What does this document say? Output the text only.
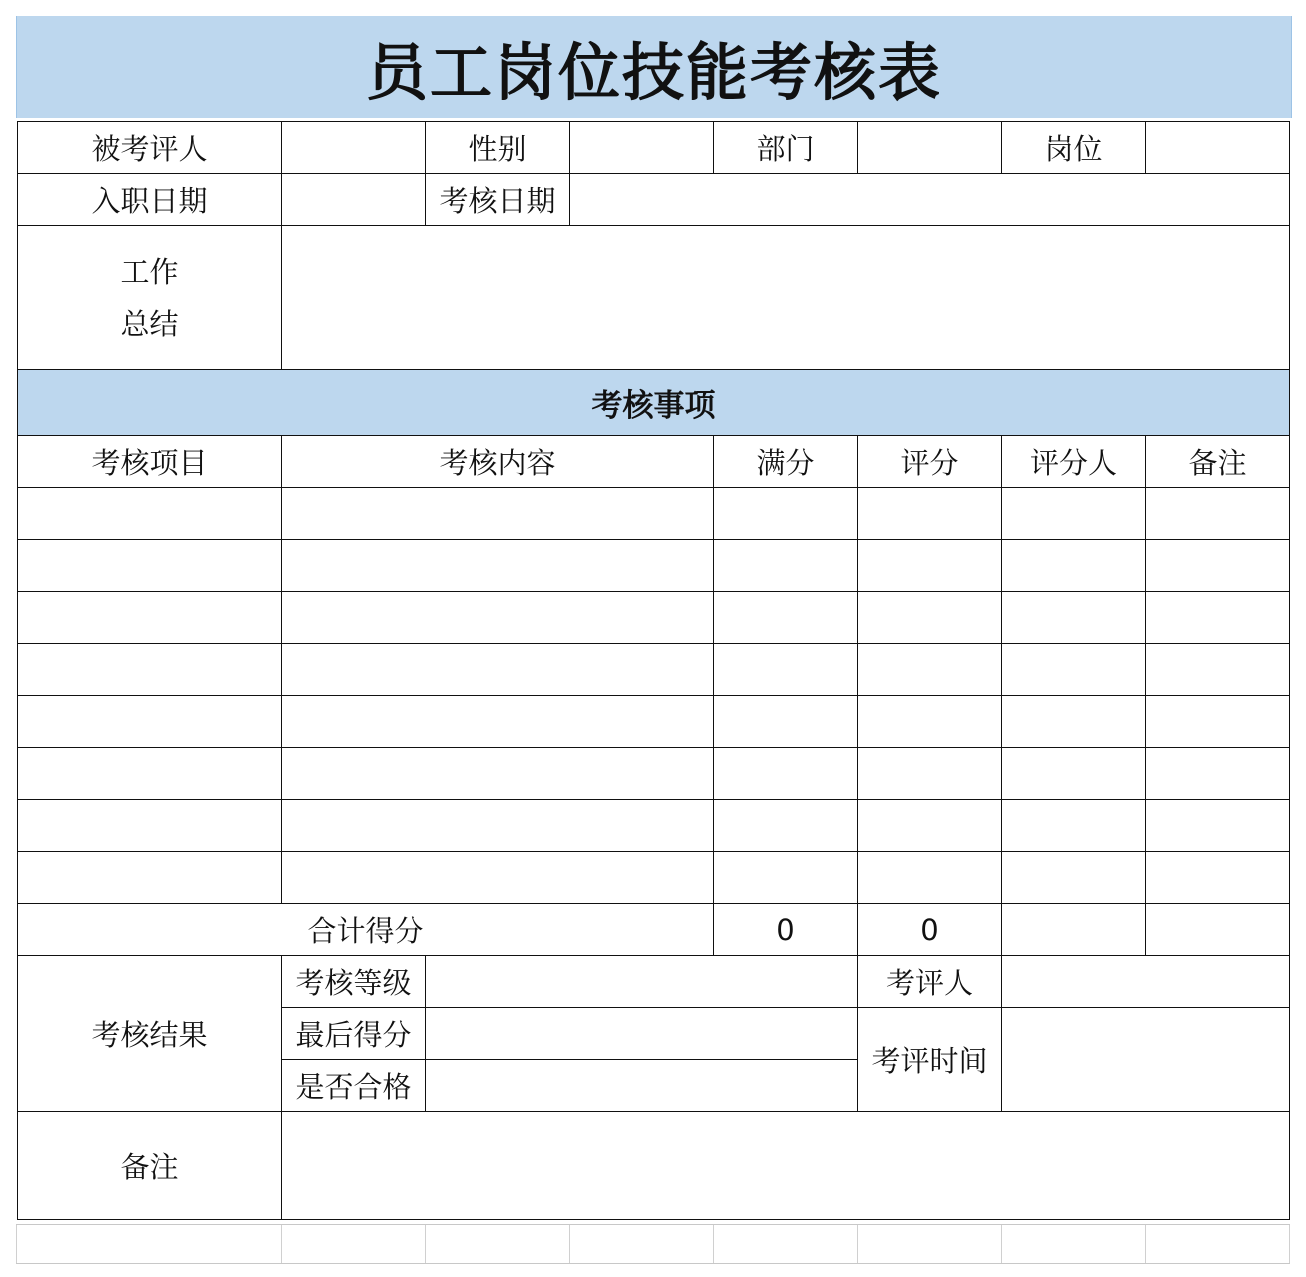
员工岗位技能考核表
被考评人		性别		部门		岗位	
入职日期		考核日期					

工作
总结							

考核事项							
考核项目	考核内容			满分	评分	评分人	备注

合计得分				0	0		
考核结果	考核等级				考评人		
	最后得分				考评时间		
	是否合格						
备注							
